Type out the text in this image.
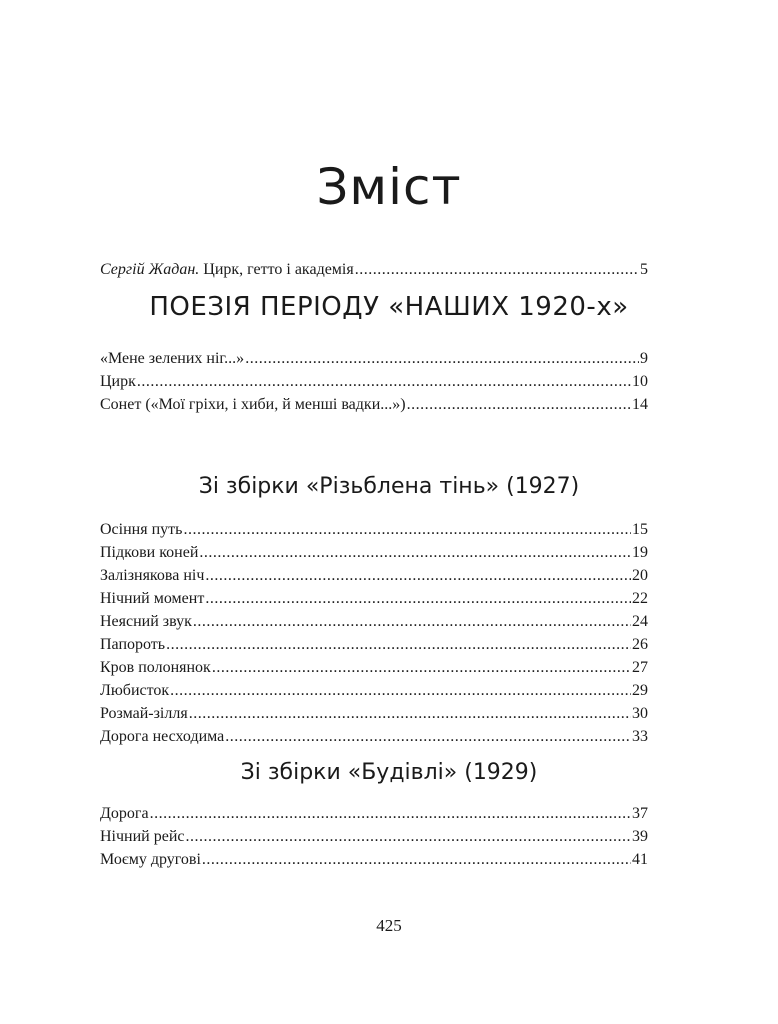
Зміст
Сергій Жадан. Цирк, гетто і академія .....	5
ПОЕЗІЯ ПЕРІОДУ «НАШИХ 1920-х»
«Мене зелених ніг...» .....	9
Цирк .....	10
Сонет («Мої гріхи, і хиби, й менші вадки...») .....	14
Зі збірки «Різьблена тінь» (1927)
Осіння путь .....	15
Підкови коней .....	19
Залізнякова ніч .....	20
Нічний момент .....	22
Неясний звук .....	24
Папороть .....	26
Кров полонянок .....	27
Любисток .....	29
Розмай-зілля .....	30
Дорога несходима .....	33
Зі збірки «Будівлі» (1929)
Дорога .....	37
Нічний рейс .....	39
Моєму другові .....	41
425
